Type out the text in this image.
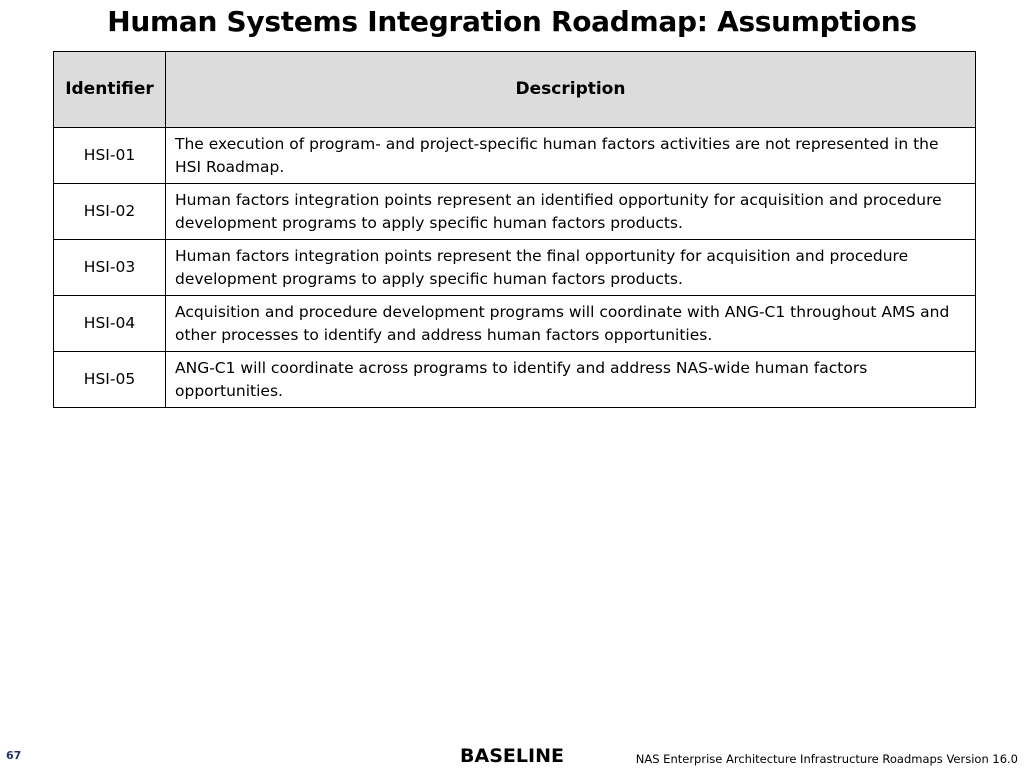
Human Systems Integration Roadmap: Assumptions
Identifier	Description
HSI-01	The execution of program- and project-specific human factors activities are not represented in the HSI Roadmap.
HSI-02	Human factors integration points represent an identified opportunity for acquisition and procedure development programs to apply specific human factors products.
HSI-03	Human factors integration points represent the final opportunity for acquisition and procedure development programs to apply specific human factors products.
HSI-04	Acquisition and procedure development programs will coordinate with ANG-C1 throughout AMS and other processes to identify and address human factors opportunities.
HSI-05	ANG-C1 will coordinate across programs to identify and address NAS-wide human factors opportunities.
67	BASELINE	NAS Enterprise Architecture Infrastructure Roadmaps Version 16.0
